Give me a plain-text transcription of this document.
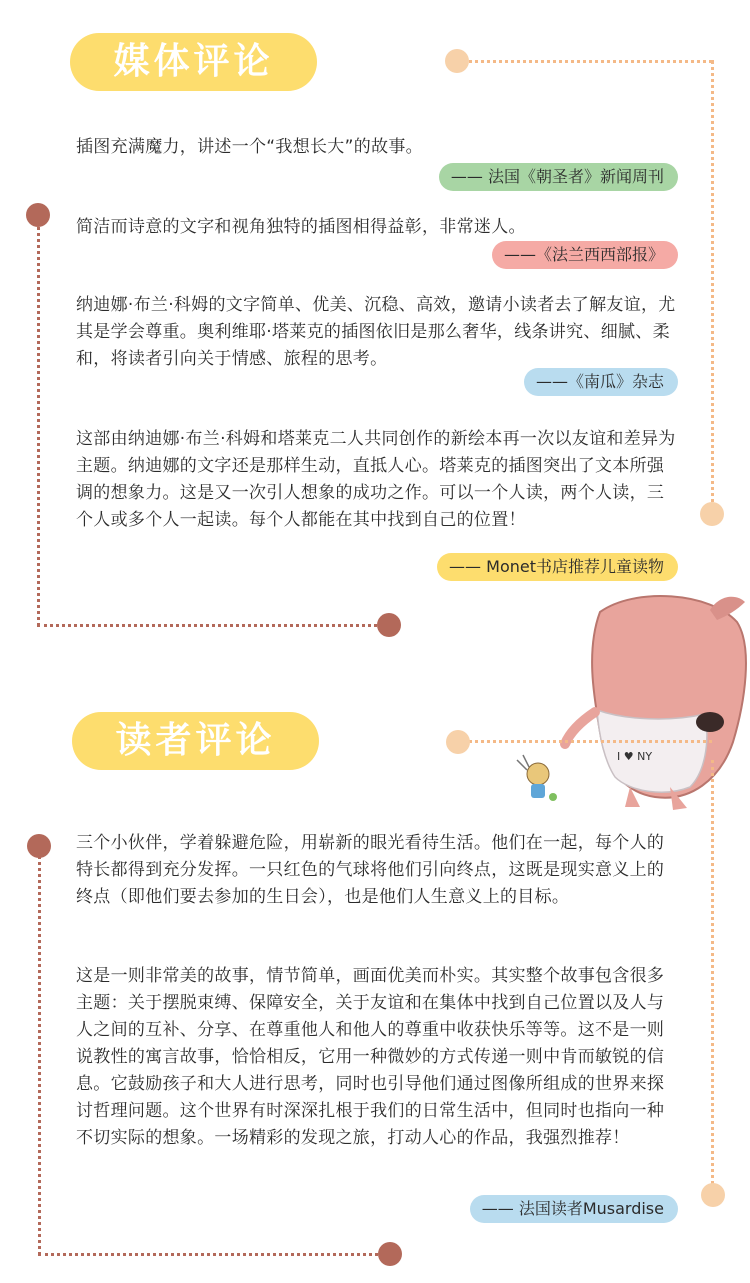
媒体评论
插图充满魔力，讲述一个“我想长大”的故事。
—— 法国《朝圣者》新闻周刊
简洁而诗意的文字和视角独特的插图相得益彰，非常迷人。
——《法兰西西部报》
纳迪娜·布兰·科姆的文字简单、优美、沉稳、高效，邀请小读者去了解友谊，尤其是学会尊重。奥利维耶·塔莱克的插图依旧是那么奢华，线条讲究、细腻、柔和，将读者引向关于情感、旅程的思考。
——《南瓜》杂志
这部由纳迪娜·布兰·科姆和塔莱克二人共同创作的新绘本再一次以友谊和差异为主题。纳迪娜的文字还是那样生动，直抵人心。塔莱克的插图突出了文本所强调的想象力。这是又一次引人想象的成功之作。可以一个人读，两个人读，三个人或多个人一起读。每个人都能在其中找到自己的位置！
—— Monet书店推荐儿童读物
I ♥ NY
读者评论
三个小伙伴，学着躲避危险，用崭新的眼光看待生活。他们在一起，每个人的特长都得到充分发挥。一只红色的气球将他们引向终点，这既是现实意义上的终点（即他们要去参加的生日会），也是他们人生意义上的目标。
这是一则非常美的故事，情节简单，画面优美而朴实。其实整个故事包含很多主题：关于摆脱束缚、保障安全，关于友谊和在集体中找到自己位置以及人与人之间的互补、分享、在尊重他人和他人的尊重中收获快乐等等。这不是一则说教性的寓言故事，恰恰相反，它用一种微妙的方式传递一则中肯而敏锐的信息。它鼓励孩子和大人进行思考，同时也引导他们通过图像所组成的世界来探讨哲理问题。这个世界有时深深扎根于我们的日常生活中，但同时也指向一种不切实际的想象。一场精彩的发现之旅，打动人心的作品，我强烈推荐！
—— 法国读者Musardise
